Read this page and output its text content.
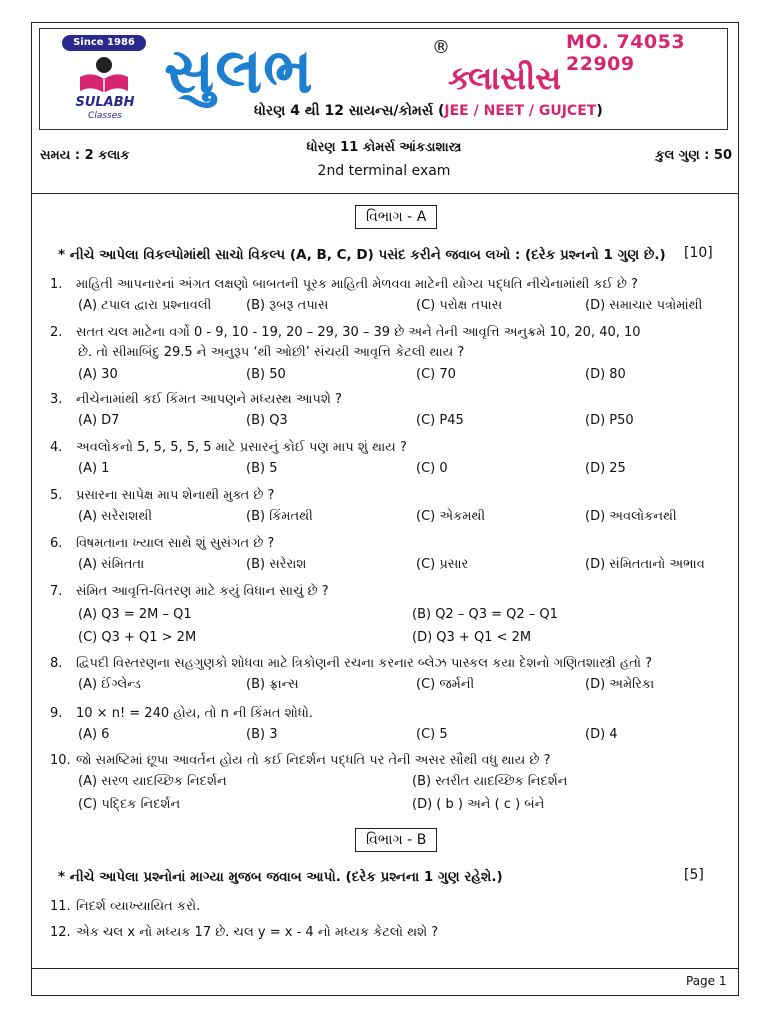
Since 1986
SULABH
Classes
સુલભ	®
ક્લાસીસ
MO. 74053 22909
ધોરણ 4 થી 12 સાયન્સ/કોમર્સ (JEE / NEET / GUJCET)
સમય : 2 કલાક
ધોરણ 11 કોમર્સ આંકડાશાસ્ત્ર
2nd terminal exam
કુલ ગુણ : 50
વિભાગ - A
* નીચે આપેલા વિકલ્પોમાંથી સાચો વિકલ્પ (A, B, C, D) પસંદ કરીને જવાબ લખો : (દરેક પ્રશ્નનો 1 ગુણ છે.) [10]
1. માહિતી આપનારનાં અંગત લક્ષણો બાબતની પૂરક માહિતી મેળવવા માટેની યોગ્ય પદ્ધતિ નીચેનામાંથી કઈ છે ?
(A) ટપાલ દ્વારા પ્રશ્નાવલી	(B) રૂબરૂ તપાસ	(C) પરોક્ષ તપાસ	(D) સમાચાર પત્રોમાંથી
2. સતત ચલ માટેના વર્ગો 0 - 9, 10 - 19, 20 – 29, 30 – 39 છે અને તેની આવૃત્તિ અનુક્રમે 10, 20, 40, 10
છે. તો સીમાબિંદુ 29.5 ને અનુરૂપ ‘થી ઓછી’ સંચયી આવૃત્તિ કેટલી થાય ?
(A) 30	(B) 50	(C) 70	(D) 80
3. નીચેનામાંથી કઈ કિંમત આપણને મધ્યસ્થ આપશે ?
(A) D7	(B) Q3	(C) P45	(D) P50
4. અવલોકનો 5, 5, 5, 5, 5 માટે પ્રસારનું કોઈ પણ માપ શું થાય ?
(A) 1	(B) 5	(C) 0	(D) 25
5. પ્રસારના સાપેક્ષ માપ શેનાથી મુક્ત છે ?
(A) સરેરાશથી	(B) કિંમતથી	(C) એકમથી	(D) અવલોકનથી
6. વિષમતાના ખ્યાલ સાથે શું સુસંગત છે ?
(A) સંમિતતા	(B) સરેરાશ	(C) પ્રસાર	(D) સંમિતતાનો અભાવ
7. સંમિત આવૃત્તિ-વિતરણ માટે કયું વિધાન સાચું છે ?
(A) Q3 = 2M – Q1	(B) Q2 – Q3 = Q2 – Q1
(C) Q3 + Q1 > 2M	(D) Q3 + Q1 < 2M
8. દ્વિપદી વિસ્તરણના સહગુણકો શોધવા માટે ત્રિકોણની રચના કરનાર બ્લેઝ પાસ્કલ કયા દેશનો ગણિતશાસ્ત્રી હતો ?
(A) ઈંગ્લેન્ડ	(B) ફ્રાન્સ	(C) જર્મની	(D) અમેરિકા
9. 10 × n! = 240 હોય, તો n ની કિંમત શોધો.
(A) 6	(B) 3	(C) 5	(D) 4
10. જો સમષ્ટિમાં છૂપા આવર્તન હોય તો કઈ નિદર્શન પદ્ધતિ પર તેની અસર સૌથી વધુ થાય છે ?
(A) સરળ યાદચ્છિક નિદર્શન	(B) સ્તરીત યાદચ્છિક નિદર્શન
(C) પદ્દિક નિદર્શન	(D) ( b ) અને ( c ) બંને
વિભાગ - B
* નીચે આપેલા પ્રશ્નોનાં માગ્યા મુજબ જવાબ આપો. (દરેક પ્રશ્નના 1 ગુણ રહેશે.)	[5]
11. નિદર્શ વ્યાખ્યાયિત કરો.
12. એક ચલ x નો મધ્યક 17 છે. ચલ y = x - 4 નો મધ્યક કેટલો થશે ?
Page 1
